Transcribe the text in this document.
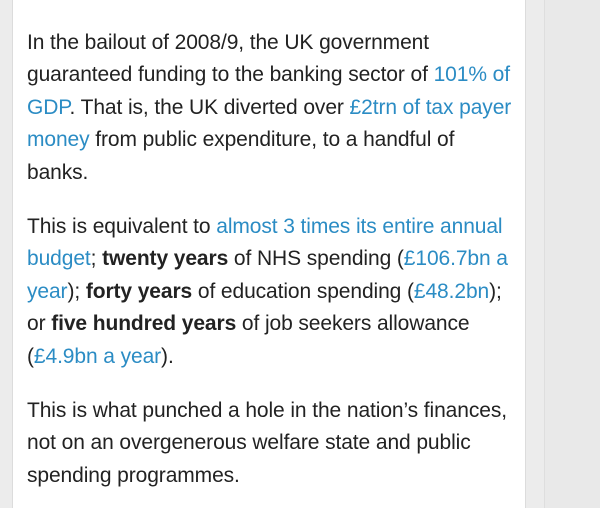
In the bailout of 2008/9, the UK government guaranteed funding to the banking sector of 101% of GDP. That is, the UK diverted over £2trn of tax payer money from public expenditure, to a handful of banks.

This is equivalent to almost 3 times its entire annual budget; twenty years of NHS spending (£106.7bn a year); forty years of education spending (£48.2bn); or five hundred years of job seekers allowance (£4.9bn a year).

This is what punched a hole in the nation’s finances, not on an overgenerous welfare state and public spending programmes.
